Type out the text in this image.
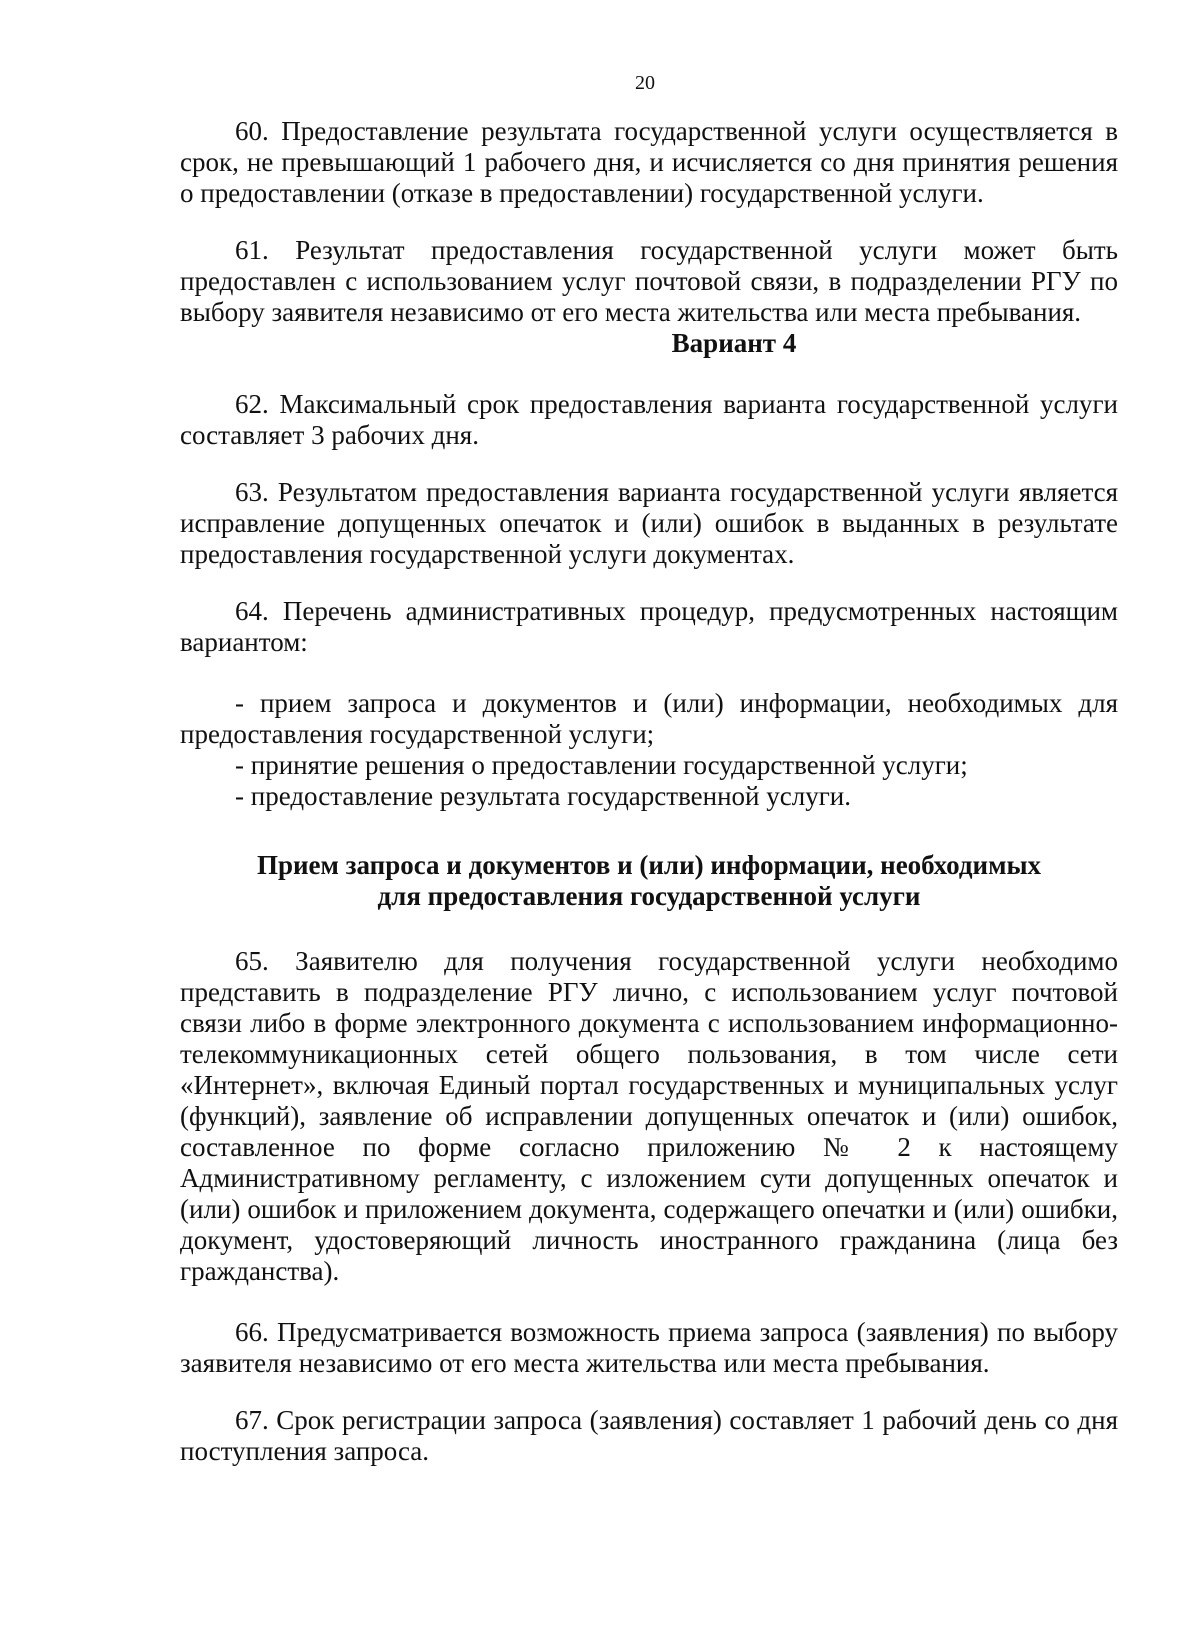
20

60. Предоставление результата государственной услуги осуществляется в срок, не превышающий 1 рабочего дня, и исчисляется со дня принятия решения о предоставлении (отказе в предоставлении) государственной услуги.

61. Результат предоставления государственной услуги может быть предоставлен с использованием услуг почтовой связи, в подразделении РГУ по выбору заявителя независимо от его места жительства или места пребывания.

Вариант 4

62. Максимальный срок предоставления варианта государственной услуги составляет 3 рабочих дня.

63. Результатом предоставления варианта государственной услуги является исправление допущенных опечаток и (или) ошибок в выданных в результате предоставления государственной услуги документах.

64. Перечень административных процедур, предусмотренных настоящим вариантом:

- прием запроса и документов и (или) информации, необходимых для предоставления государственной услуги;

- принятие решения о предоставлении государственной услуги;

- предоставление результата государственной услуги.

Прием запроса и документов и (или) информации, необходимых
для предоставления государственной услуги

65. Заявителю для получения государственной услуги необходимо представить в подразделение РГУ лично, с использованием услуг почтовой связи либо в форме электронного документа с использованием информационно-телекоммуникационных сетей общего пользования, в том числе сети «Интернет», включая Единый портал государственных и муниципальных услуг (функций), заявление об исправлении допущенных опечаток и (или) ошибок, составленное по форме согласно приложению № 2 к настоящему Административному регламенту, с изложением сути допущенных опечаток и (или) ошибок и приложением документа, содержащего опечатки и (или) ошибки, документ, удостоверяющий личность иностранного гражданина (лица без гражданства).

66. Предусматривается возможность приема запроса (заявления) по выбору заявителя независимо от его места жительства или места пребывания.

67. Срок регистрации запроса (заявления) составляет 1 рабочий день со дня поступления запроса.
